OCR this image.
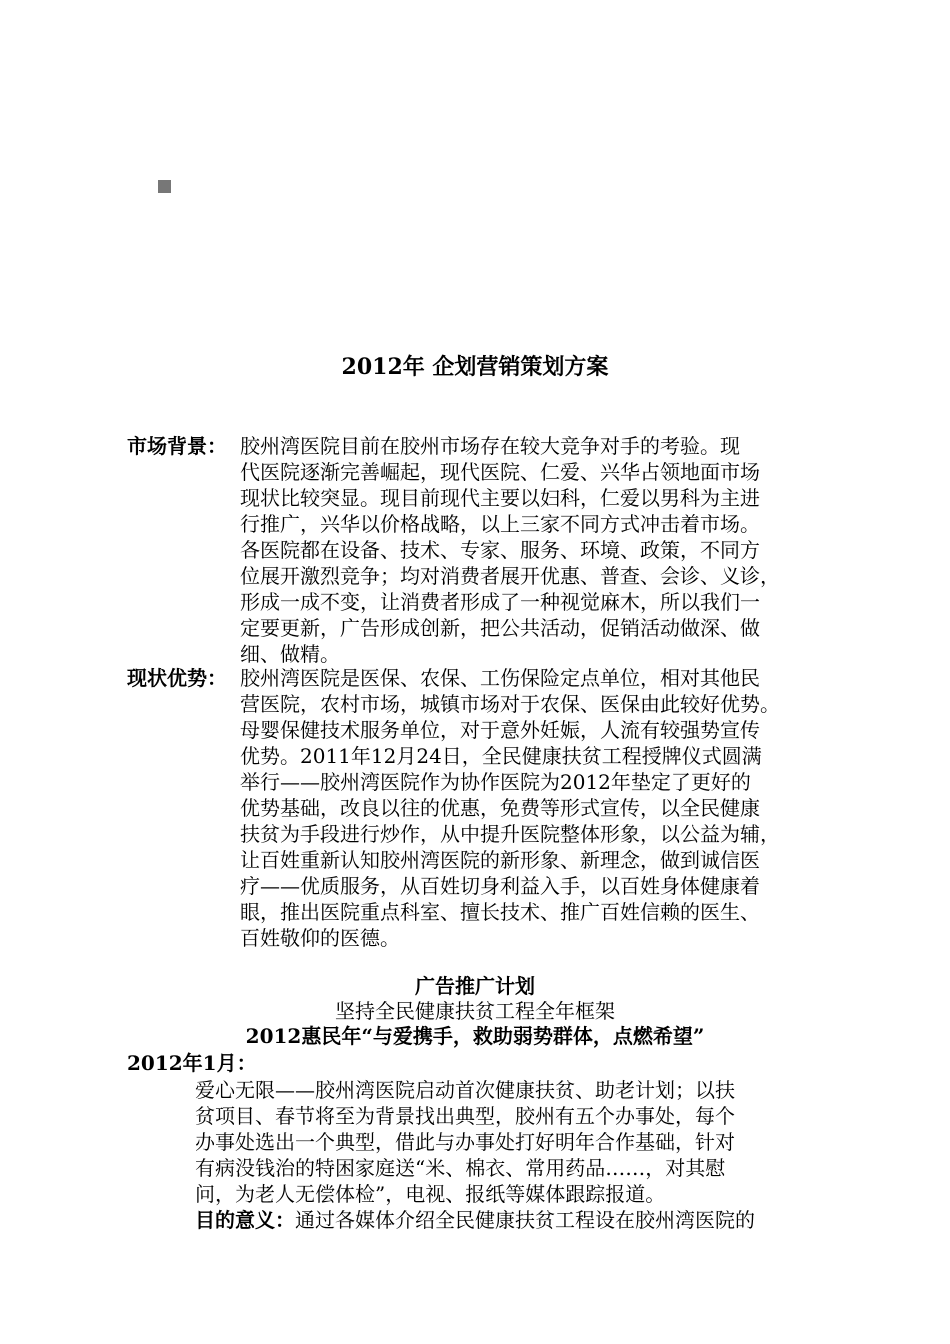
2012年 企划营销策划方案
市场背景： 胶州湾医院目前在胶州市场存在较大竞争对手的考验。现
代医院逐渐完善崛起，现代医院、仁爱、兴华占领地面市场
现状比较突显。现目前现代主要以妇科，仁爱以男科为主进
行推广，兴华以价格战略，以上三家不同方式冲击着市场。
各医院都在设备、技术、专家、服务、环境、政策，不同方
位展开激烈竞争；均对消费者展开优惠、普查、会诊、义诊，
形成一成不变，让消费者形成了一种视觉麻木，所以我们一
定要更新，广告形成创新，把公共活动，促销活动做深、做
细、做精。
现状优势： 胶州湾医院是医保、农保、工伤保险定点单位，相对其他民
营医院，农村市场，城镇市场对于农保、医保由此较好优势。
母婴保健技术服务单位，对于意外妊娠，人流有较强势宣传
优势。2011年12月24日，全民健康扶贫工程授牌仪式圆满
举行——胶州湾医院作为协作医院为2012年垫定了更好的
优势基础，改良以往的优惠，免费等形式宣传，以全民健康
扶贫为手段进行炒作，从中提升医院整体形象，以公益为辅，
让百姓重新认知胶州湾医院的新形象、新理念，做到诚信医
疗——优质服务，从百姓切身利益入手，以百姓身体健康着
眼，推出医院重点科室、擅长技术、推广百姓信赖的医生、
百姓敬仰的医德。
广告推广计划
坚持全民健康扶贫工程全年框架
2012惠民年“与爱携手，救助弱势群体，点燃希望”
2012年1月：
爱心无限——胶州湾医院启动首次健康扶贫、助老计划；以扶
贫项目、春节将至为背景找出典型，胶州有五个办事处，每个
办事处选出一个典型，借此与办事处打好明年合作基础，针对
有病没钱治的特困家庭送“米、棉衣、常用药品……，对其慰
问，为老人无偿体检”，电视、报纸等媒体跟踪报道。
目的意义：通过各媒体介绍全民健康扶贫工程设在胶州湾医院的
